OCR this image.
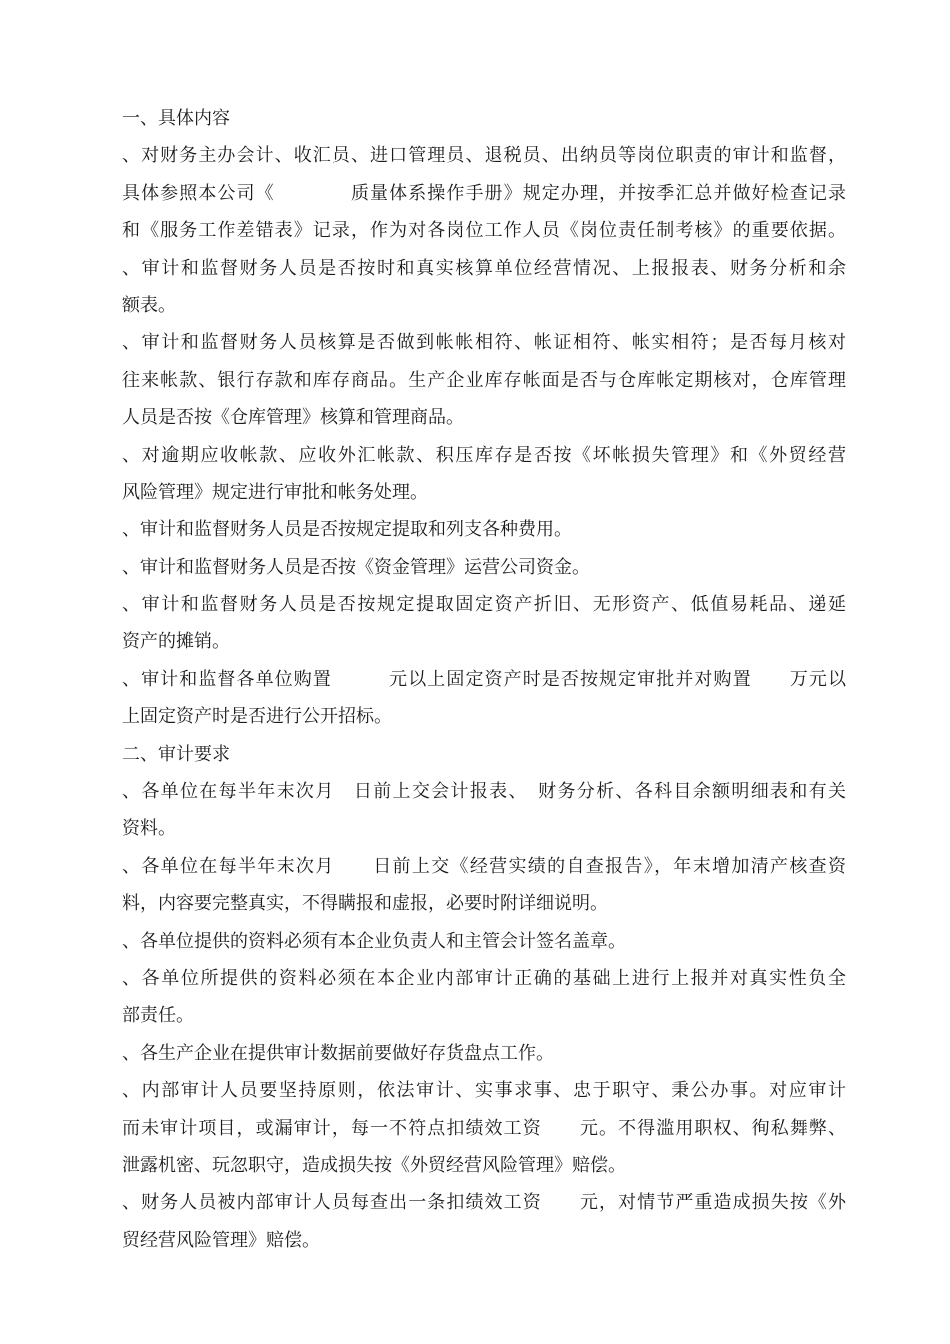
一、具体内容
、对财务主办会计、收汇员、进口管理员、退税员、出纳员等岗位职责的审计和监督，
具体参照本公司《　　　　质量体系操作手册》规定办理，并按季汇总并做好检查记录
和《服务工作差错表》记录，作为对各岗位工作人员《岗位责任制考核》的重要依据。
、审计和监督财务人员是否按时和真实核算单位经营情况、上报报表、财务分析和余
额表。
、审计和监督财务人员核算是否做到帐帐相符、帐证相符、帐实相符；是否每月核对
往来帐款、银行存款和库存商品。生产企业库存帐面是否与仓库帐定期核对，仓库管理
人员是否按《仓库管理》核算和管理商品。
、对逾期应收帐款、应收外汇帐款、积压库存是否按《坏帐损失管理》和《外贸经营
风险管理》规定进行审批和帐务处理。
、审计和监督财务人员是否按规定提取和列支各种费用。
、审计和监督财务人员是否按《资金管理》运营公司资金。
、审计和监督财务人员是否按规定提取固定资产折旧、无形资产、低值易耗品、递延
资产的摊销。
、审计和监督各单位购置　　　元以上固定资产时是否按规定审批并对购置　　万元以
上固定资产时是否进行公开招标。
二、审计要求
、各单位在每半年末次月　日前上交会计报表、　财务分析、各科目余额明细表和有关
资料。
、各单位在每半年末次月　　日前上交《经营实绩的自查报告》，年末增加清产核查资
料，内容要完整真实，不得瞒报和虚报，必要时附详细说明。
、各单位提供的资料必须有本企业负责人和主管会计签名盖章。
、各单位所提供的资料必须在本企业内部审计正确的基础上进行上报并对真实性负全
部责任。
、各生产企业在提供审计数据前要做好存货盘点工作。
、内部审计人员要坚持原则，依法审计、实事求事、忠于职守、秉公办事。对应审计
而未审计项目，或漏审计，每一不符点扣绩效工资　　元。不得滥用职权、徇私舞弊、
泄露机密、玩忽职守，造成损失按《外贸经营风险管理》赔偿。
、财务人员被内部审计人员每查出一条扣绩效工资　　元，对情节严重造成损失按《外
贸经营风险管理》赔偿。
